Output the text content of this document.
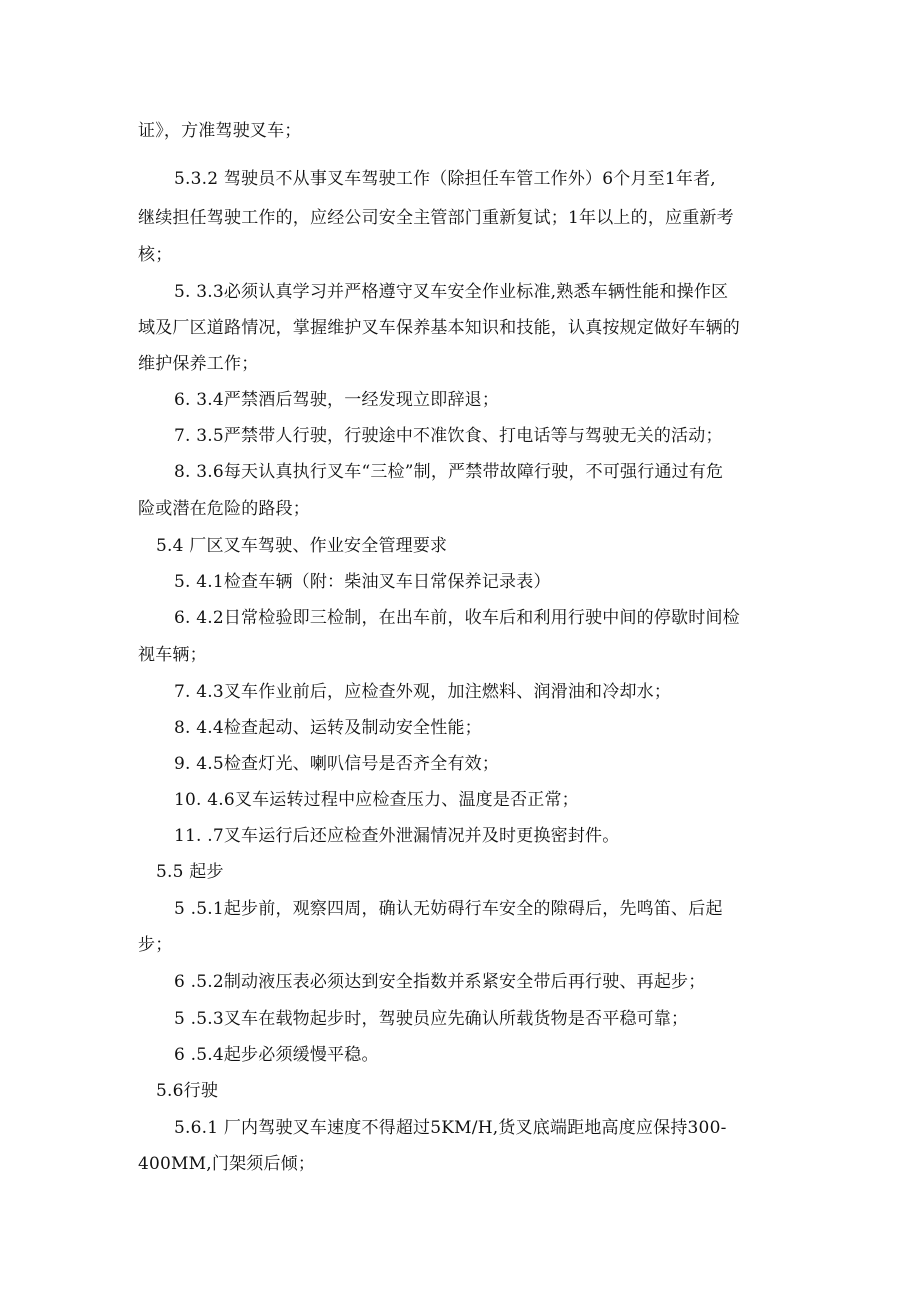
证》，方准驾驶叉车；
5.3.2 驾驶员不从事叉车驾驶工作（除担任车管工作外）6个月至1年者,
继续担任驾驶工作的，应经公司安全主管部门重新复试；1年以上的，应重新考
核；
5. 3.3必须认真学习并严格遵守叉车安全作业标准,熟悉车辆性能和操作区
域及厂区道路情况，掌握维护叉车保养基本知识和技能，认真按规定做好车辆的
维护保养工作；
6. 3.4严禁酒后驾驶，一经发现立即辞退；
7. 3.5严禁带人行驶，行驶途中不准饮食、打电话等与驾驶无关的活动；
8. 3.6每天认真执行叉车“三检”制，严禁带故障行驶，不可强行通过有危
险或潜在危险的路段；
5.4 厂区叉车驾驶、作业安全管理要求
5. 4.1检查车辆（附：柴油叉车日常保养记录表）
6. 4.2日常检验即三检制，在出车前，收车后和利用行驶中间的停歇时间检
视车辆；
7. 4.3叉车作业前后，应检查外观，加注燃料、润滑油和冷却水；
8. 4.4检查起动、运转及制动安全性能；
9. 4.5检查灯光、喇叭信号是否齐全有效；
10. 4.6叉车运转过程中应检查压力、温度是否正常；
11. .7叉车运行后还应检查外泄漏情况并及时更换密封件。
5.5 起步
5 .5.1起步前，观察四周，确认无妨碍行车安全的隙碍后，先鸣笛、后起
步；
6 .5.2制动液压表必须达到安全指数并系紧安全带后再行驶、再起步；
5 .5.3叉车在载物起步时，驾驶员应先确认所载货物是否平稳可靠；
6 .5.4起步必须缓慢平稳。
5.6行驶
5.6.1 厂内驾驶叉车速度不得超过5KM/H,货叉底端距地高度应保持300-
400MM,门架须后倾；
